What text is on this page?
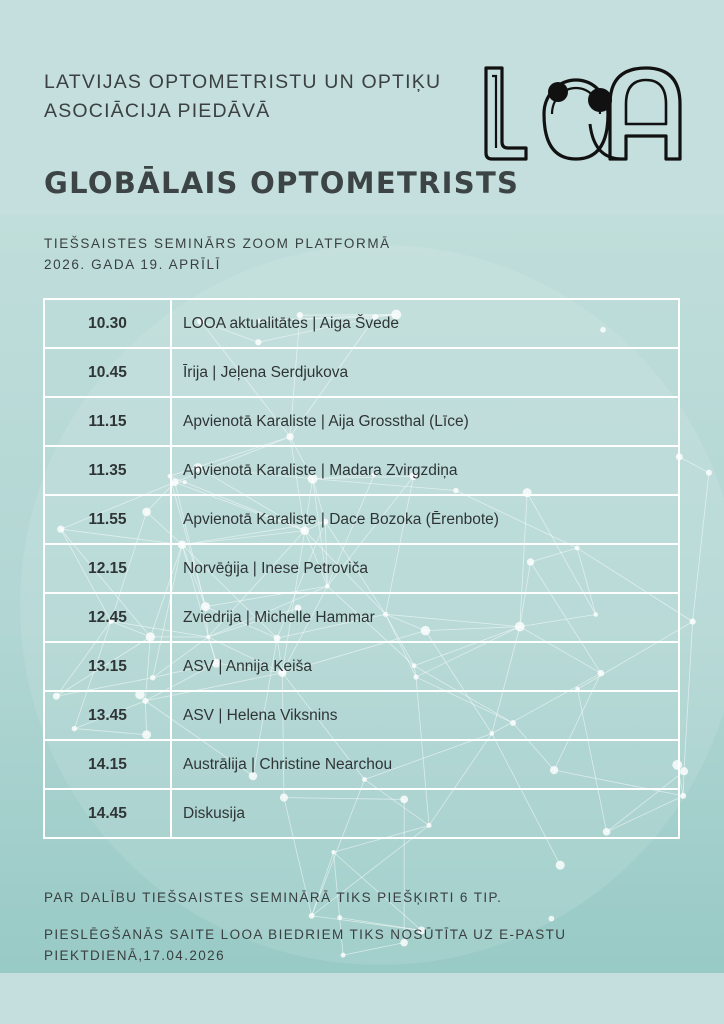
LATVIJAS OPTOMETRISTU UN OPTIĶU
ASOCIĀCIJA PIEDĀVĀ
GLOBĀLAIS OPTOMETRISTS
TIEŠSAISTES SEMINĀRS ZOOM PLATFORMĀ
2026. GADA 19. APRĪLĪ
10.30	LOOA aktualitātes | Aiga Švede
10.45	Īrija | Jeļena Serdjukova
11.15	Apvienotā Karaliste | Aija Grossthal (Līce)
11.35	Apvienotā Karaliste | Madara Zvirgzdiņa
11.55	Apvienotā Karaliste | Dace Bozoka (Ērenbote)
12.15	Norvēģija | Inese Petroviča
12.45	Zviedrija | Michelle Hammar
13.15	ASV | Annija Keiša
13.45	ASV | Helena Viksnins
14.15	Austrālija | Christine Nearchou
14.45	Diskusija
PAR DALĪBU TIEŠSAISTES SEMINĀRĀ TIKS PIEŠĶIRTI 6 TIP.
PIESLĒGŠANĀS SAITE LOOA BIEDRIEM TIKS NOSŪTĪTA UZ E-PASTU
PIEKTDIENĀ,17.04.2026
